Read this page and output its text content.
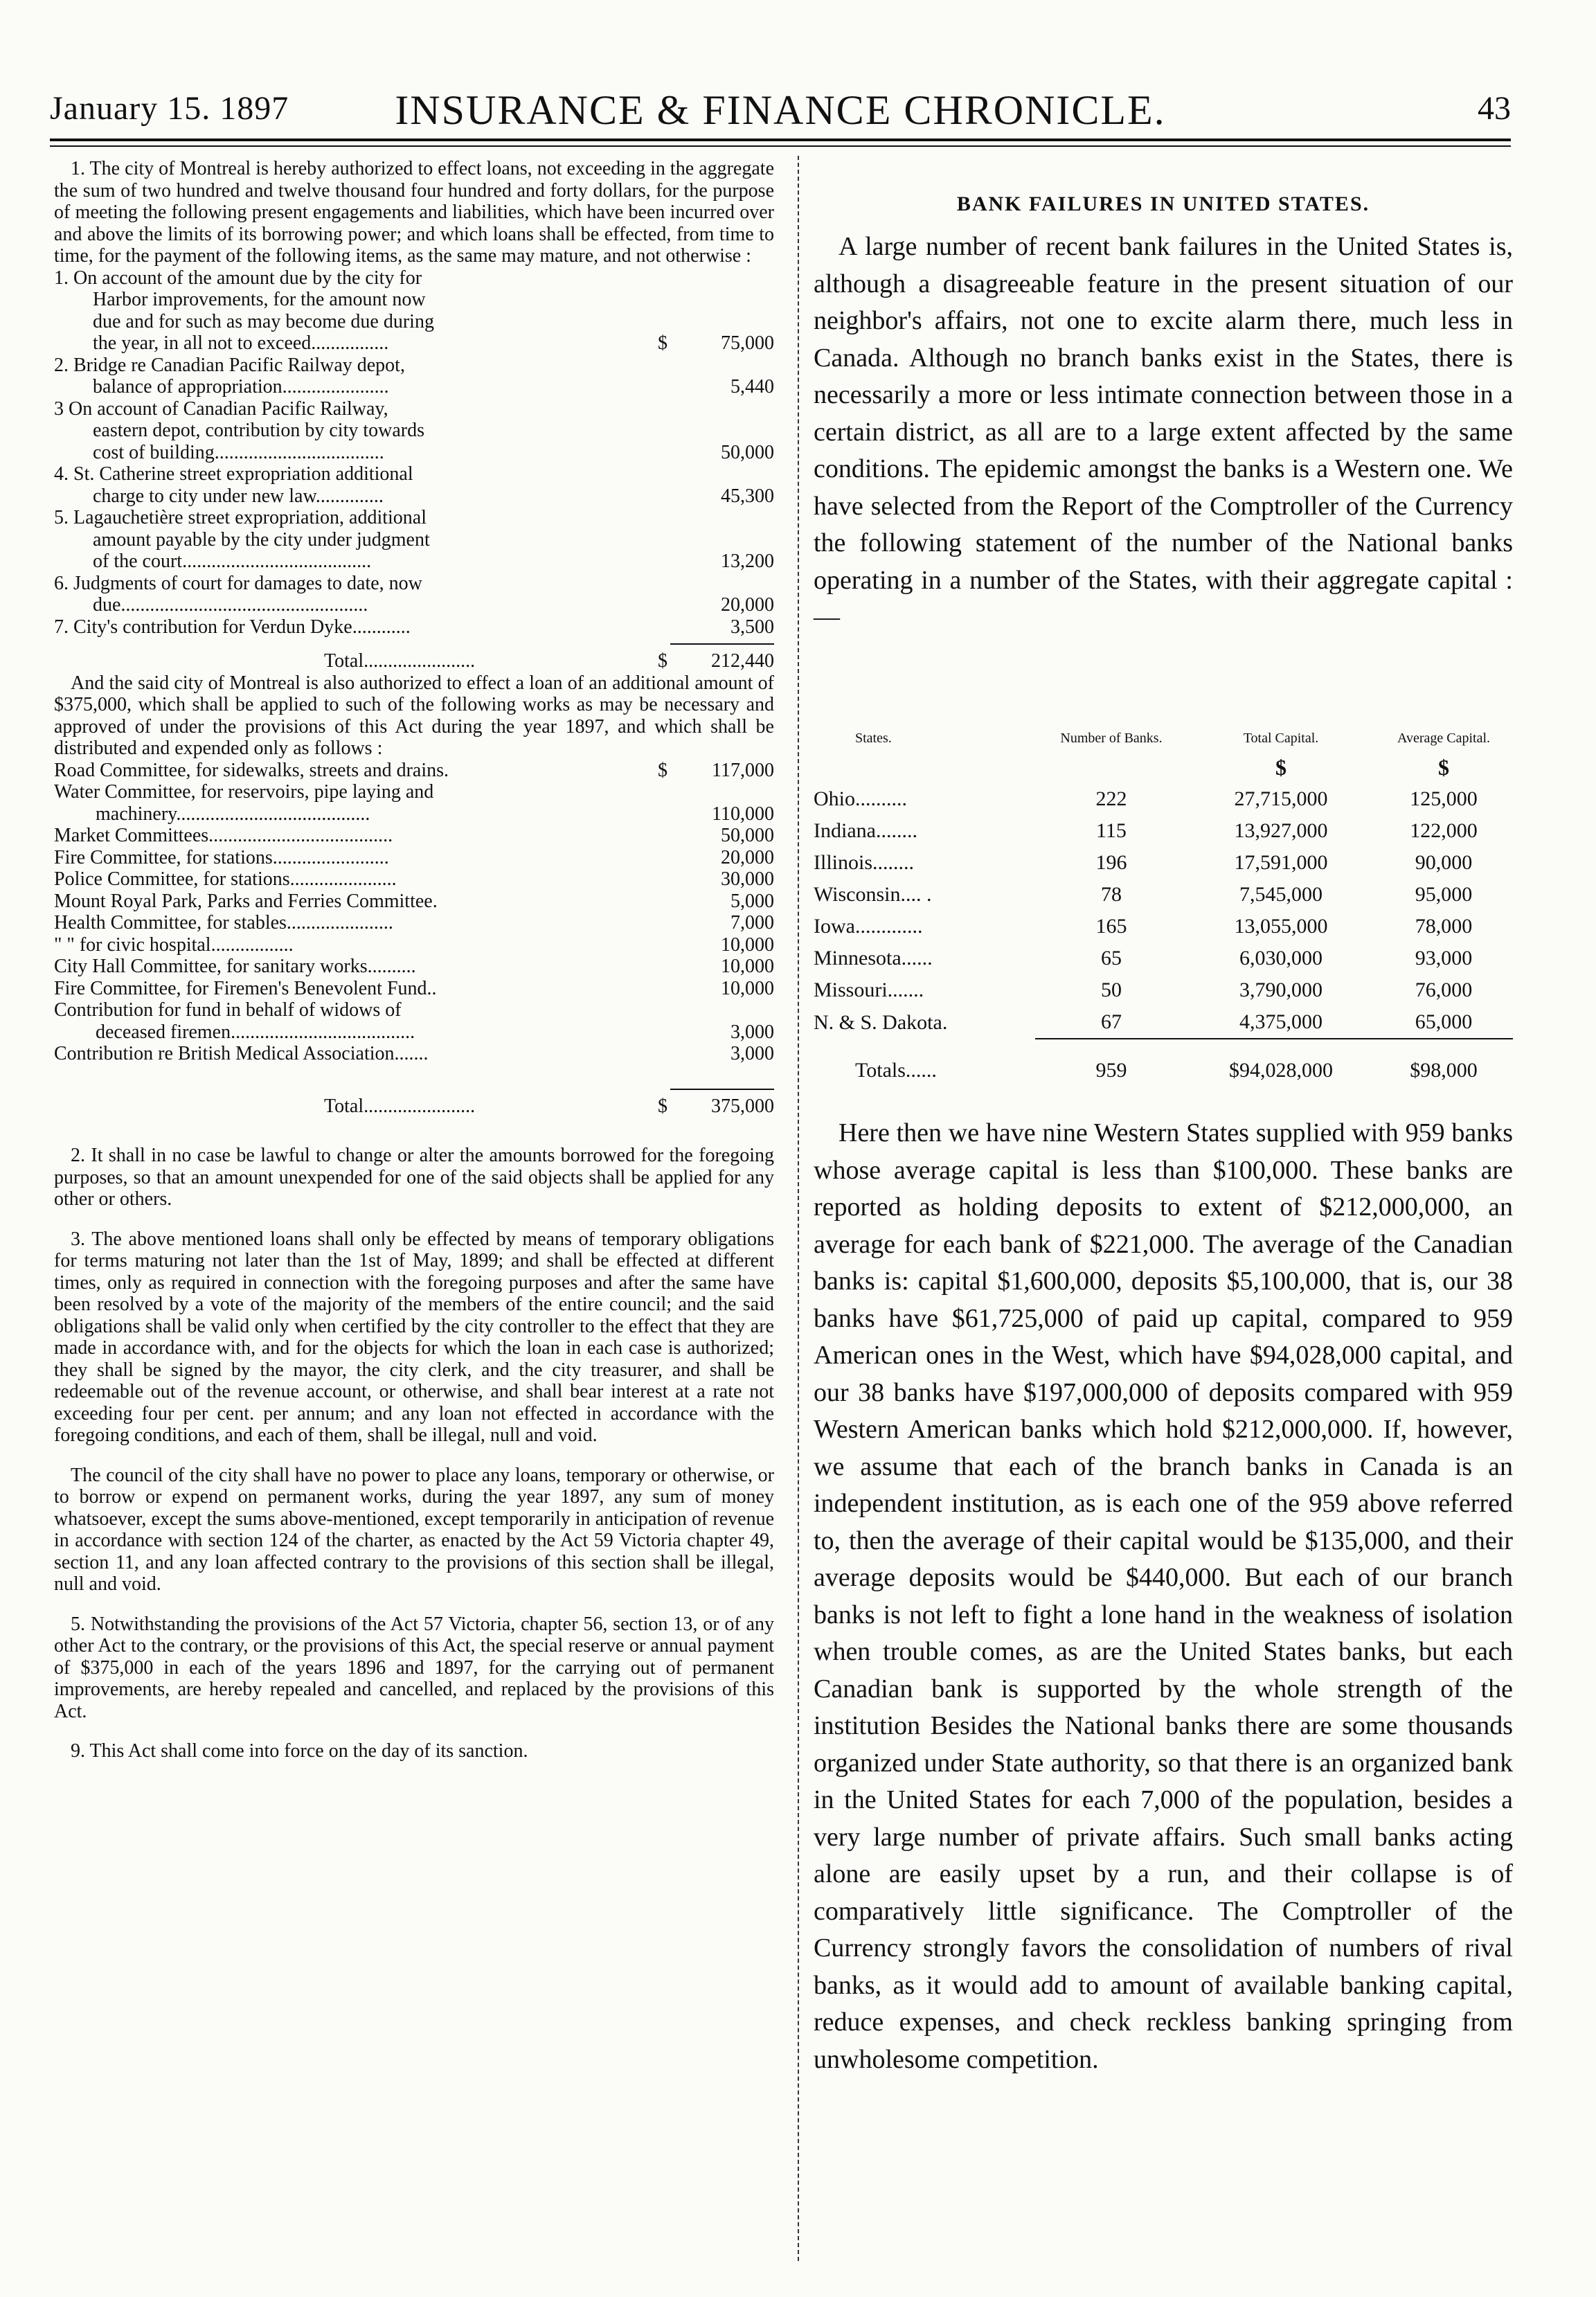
January 15. 1897	INSURANCE & FINANCE CHRONICLE.	43

1. The city of Montreal is hereby authorized to effect loans, not exceeding in the aggregate the sum of two hundred and twelve thousand four hundred and forty dollars, for the purpose of meeting the following present engagements and liabilities, which have been incurred over and above the limits of its borrowing power; and which loans shall be effected, from time to time, for the payment of the following items, as the same may mature, and not otherwise :

1. On account of the amount due by the city for
Harbor improvements, for the amount now
due and for such as may become due during
the year, in all not to exceed................	$	75,000
2. Bridge re Canadian Pacific Railway depot,
balance of appropriation......................	5,440
3 On account of Canadian Pacific Railway,
eastern depot, contribution by city towards
cost of building...................................	50,000
4. St. Catherine street expropriation additional
charge to city under new law..............	45,300
5. Lagauchetière street expropriation, additional
amount payable by the city under judgment
of the court.......................................	13,200
6. Judgments of court for damages to date, now
due...................................................	20,000
7. City's contribution for Verdun Dyke............	3,500
Total.......................	$	212,440

And the said city of Montreal is also authorized to effect a loan of an additional amount of $375,000, which shall be applied to such of the following works as may be necessary and approved of under the provisions of this Act during the year 1897, and which shall be distributed and expended only as follows :

Road Committee, for sidewalks, streets and drains.	$	117,000
Water Committee, for reservoirs, pipe laying and
machinery........................................	110,000
Market Committees......................................	50,000
Fire Committee, for stations........................	20,000
Police Committee, for stations......................	30,000
Mount Royal Park, Parks and Ferries Committee.	5,000
Health Committee, for stables......................	7,000
" " for civic hospital.................	10,000
City Hall Committee, for sanitary works..........	10,000
Fire Committee, for Firemen's Benevolent Fund..	10,000
Contribution for fund in behalf of widows of
deceased firemen......................................	3,000
Contribution re British Medical Association.......	3,000
Total.......................	$	375,000

2. It shall in no case be lawful to change or alter the amounts borrowed for the foregoing purposes, so that an amount unexpended for one of the said objects shall be applied for any other or others.

3. The above mentioned loans shall only be effected by means of temporary obligations for terms maturing not later than the 1st of May, 1899; and shall be effected at different times, only as required in connection with the foregoing purposes and after the same have been resolved by a vote of the majority of the members of the entire council; and the said obligations shall be valid only when certified by the city controller to the effect that they are made in accordance with, and for the objects for which the loan in each case is authorized; they shall be signed by the mayor, the city clerk, and the city treasurer, and shall be redeemable out of the revenue account, or otherwise, and shall bear interest at a rate not exceeding four per cent. per annum; and any loan not effected in accordance with the foregoing conditions, and each of them, shall be illegal, null and void.

The council of the city shall have no power to place any loans, temporary or otherwise, or to borrow or expend on permanent works, during the year 1897, any sum of money whatsoever, except the sums above-mentioned, except temporarily in anticipation of revenue in accordance with section 124 of the charter, as enacted by the Act 59 Victoria chapter 49, section 11, and any loan affected contrary to the provisions of this section shall be illegal, null and void.

5. Notwithstanding the provisions of the Act 57 Victoria, chapter 56, section 13, or of any other Act to the contrary, or the provisions of this Act, the special reserve or annual payment of $375,000 in each of the years 1896 and 1897, for the carrying out of permanent improvements, are hereby repealed and cancelled, and replaced by the provisions of this Act.

9. This Act shall come into force on the day of its sanction.

BANK FAILURES IN UNITED STATES.

A large number of recent bank failures in the United States is, although a disagreeable feature in the present situation of our neighbor's affairs, not one to excite alarm there, much less in Canada. Although no branch banks exist in the States, there is necessarily a more or less intimate connection between those in a certain district, as all are to a large extent affected by the same conditions. The epidemic amongst the banks is a Western one. We have selected from the Report of the Comptroller of the Currency the following statement of the number of the National banks operating in a number of the States, with their aggregate capital :—

States.	Number of Banks.	Total Capital.	Average Capital.
		$	$
Ohio..........	222	27,715,000	125,000
Indiana........	115	13,927,000	122,000
Illinois........	196	17,591,000	90,000
Wisconsin.... .	78	7,545,000	95,000
Iowa.............	165	13,055,000	78,000
Minnesota......	65	6,030,000	93,000
Missouri.......	50	3,790,000	76,000
N. & S. Dakota.	67	4,375,000	65,000

Totals......	959	$94,028,000	$98,000

Here then we have nine Western States supplied with 959 banks whose average capital is less than $100,000. These banks are reported as holding deposits to extent of $212,000,000, an average for each bank of $221,000. The average of the Canadian banks is: capital $1,600,000, deposits $5,100,000, that is, our 38 banks have $61,725,000 of paid up capital, compared to 959 American ones in the West, which have $94,028,000 capital, and our 38 banks have $197,000,000 of deposits compared with 959 Western American banks which hold $212,000,000. If, however, we assume that each of the branch banks in Canada is an independent institution, as is each one of the 959 above referred to, then the average of their capital would be $135,000, and their average deposits would be $440,000. But each of our branch banks is not left to fight a lone hand in the weakness of isolation when trouble comes, as are the United States banks, but each Canadian bank is supported by the whole strength of the institution Besides the National banks there are some thousands organized under State authority, so that there is an organized bank in the United States for each 7,000 of the population, besides a very large number of private affairs. Such small banks acting alone are easily upset by a run, and their collapse is of comparatively little significance. The Comptroller of the Currency strongly favors the consolidation of numbers of rival banks, as it would add to amount of available banking capital, reduce expenses, and check reckless banking springing from unwholesome competition.
